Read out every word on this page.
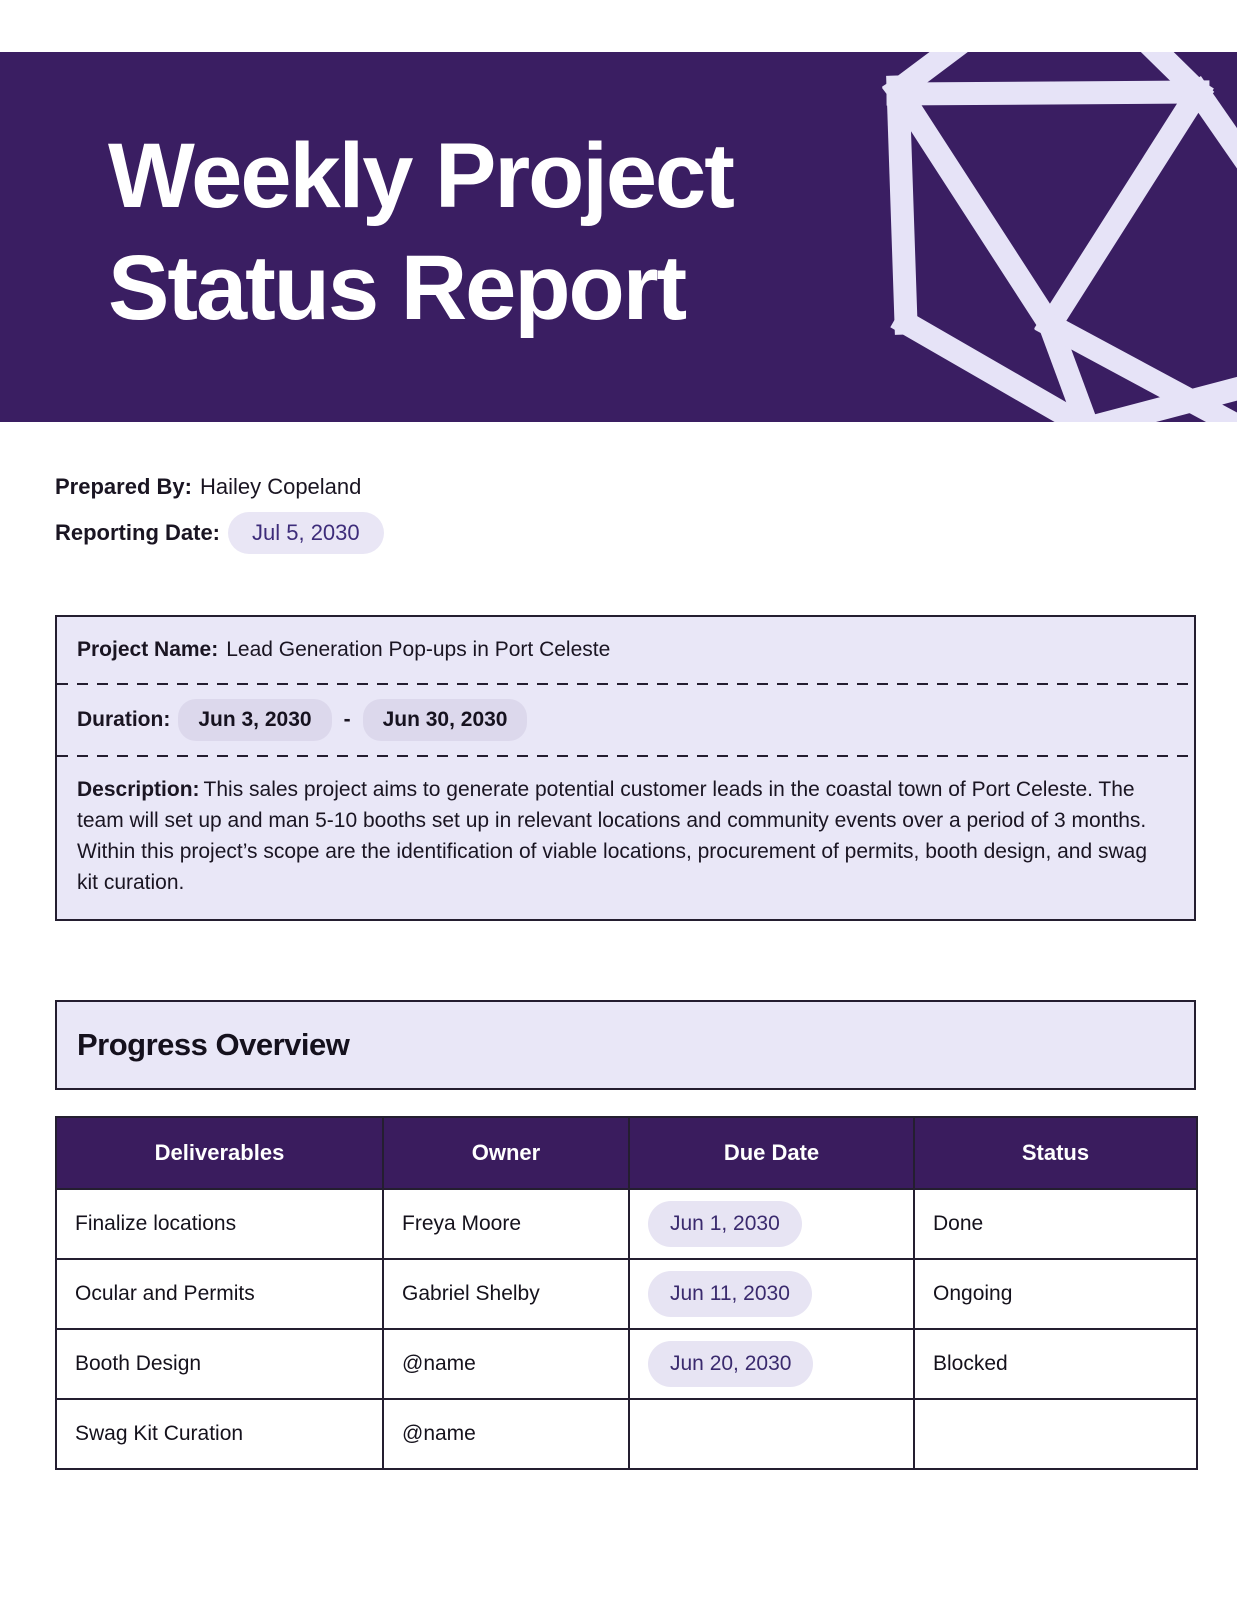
Weekly Project
Status Report
Prepared By: Hailey Copeland
Reporting Date:	Jul 5, 2030
Project Name: Lead Generation Pop-ups in Port Celeste
Duration:	Jun 3, 2030	-	Jun 30, 2030
Description: This sales project aims to generate potential customer leads in the coastal town of Port Celeste. The team will set up and man 5-10 booths set up in relevant locations and community events over a period of 3 months. Within this project’s scope are the identification of viable locations, procurement of permits, booth design, and swag kit curation.
Progress Overview
Deliverables	Owner	Due Date	Status
Finalize locations	Freya Moore	Jun 1, 2030	Done
Ocular and Permits	Gabriel Shelby	Jun 11, 2030	Ongoing
Booth Design	@name	Jun 20, 2030	Blocked
Swag Kit Curation	@name		
